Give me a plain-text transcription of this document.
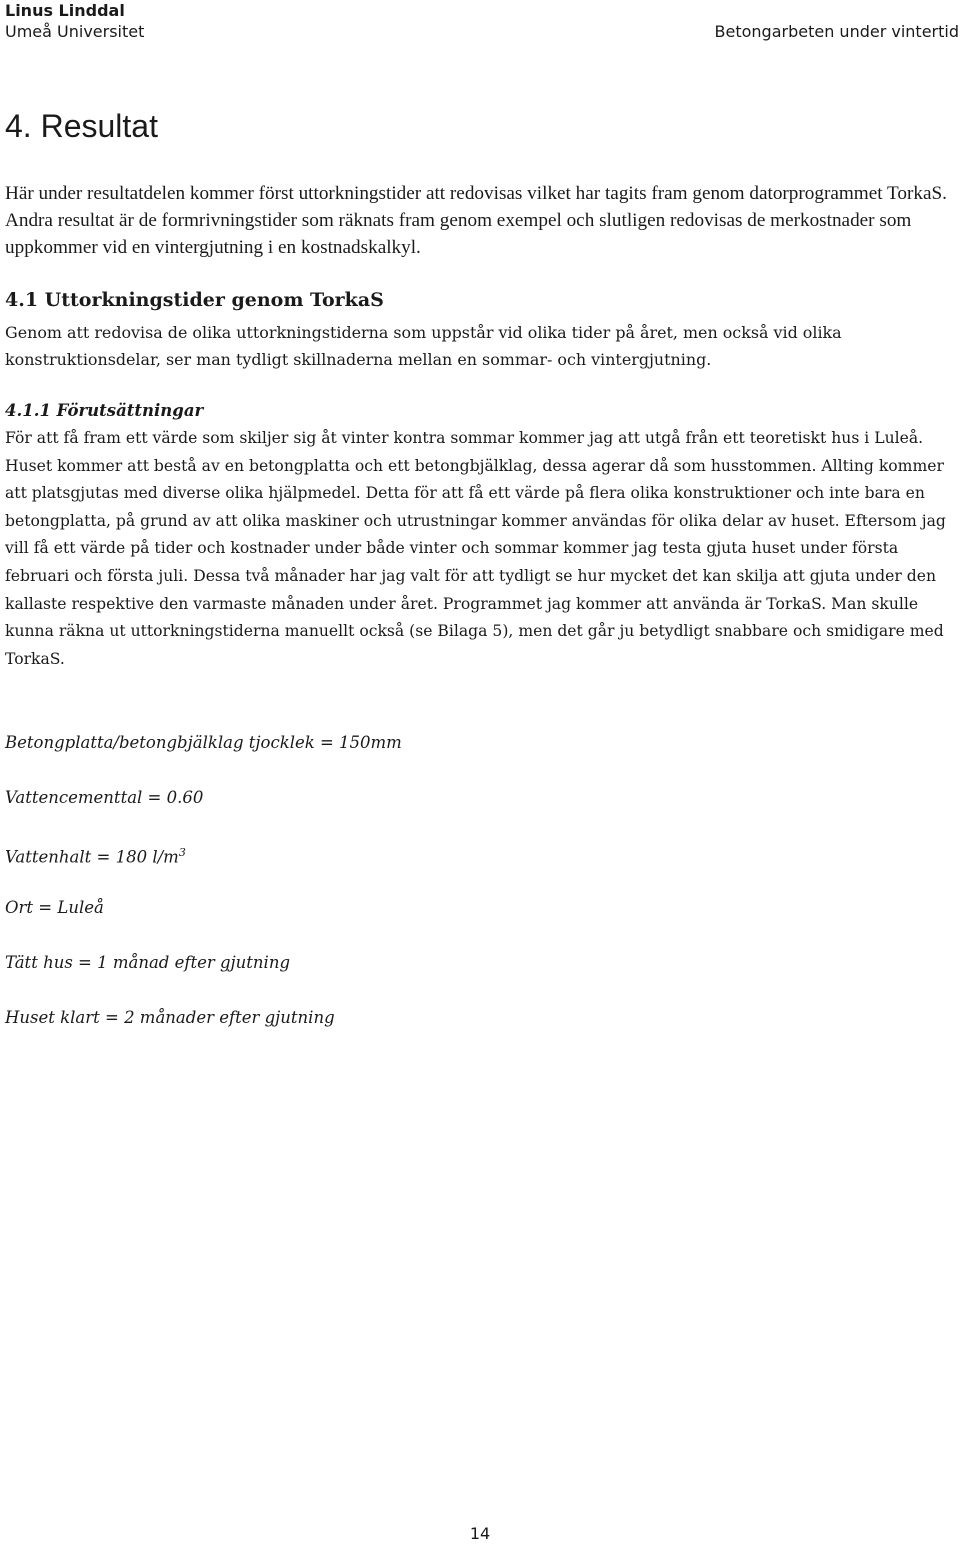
Linus Linddal
Umeå Universitet	Betongarbeten under vintertid
4. Resultat

Här under resultatdelen kommer först uttorkningstider att redovisas vilket har tagits fram genom datorprogrammet TorkaS. Andra resultat är de formrivningstider som räknats fram genom exempel och slutligen redovisas de merkostnader som uppkommer vid en vintergjutning i en kostnadskalkyl.

4.1 Uttorkningstider genom TorkaS

Genom att redovisa de olika uttorkningstiderna som uppstår vid olika tider på året, men också vid olika konstruktionsdelar, ser man tydligt skillnaderna mellan en sommar- och vintergjutning.

4.1.1 Förutsättningar

För att få fram ett värde som skiljer sig åt vinter kontra sommar kommer jag att utgå från ett teoretiskt hus i Luleå. Huset kommer att bestå av en betongplatta och ett betongbjälklag, dessa agerar då som husstommen. Allting kommer att platsgjutas med diverse olika hjälpmedel. Detta för att få ett värde på flera olika konstruktioner och inte bara en betongplatta, på grund av att olika maskiner och utrustningar kommer användas för olika delar av huset. Eftersom jag vill få ett värde på tider och kostnader under både vinter och sommar kommer jag testa gjuta huset under första februari och första juli. Dessa två månader har jag valt för att tydligt se hur mycket det kan skilja att gjuta under den kallaste respektive den varmaste månaden under året. Programmet jag kommer att använda är TorkaS. Man skulle kunna räkna ut uttorkningstiderna manuellt också (se Bilaga 5), men det går ju betydligt snabbare och smidigare med TorkaS.

Betongplatta/betongbjälklag tjocklek = 150mm

Vattencementtal = 0.60

Vattenhalt = 180 $l/m^3$

Ort = Luleå

Tätt hus = 1 månad efter gjutning

Huset klart = 2 månader efter gjutning

14
